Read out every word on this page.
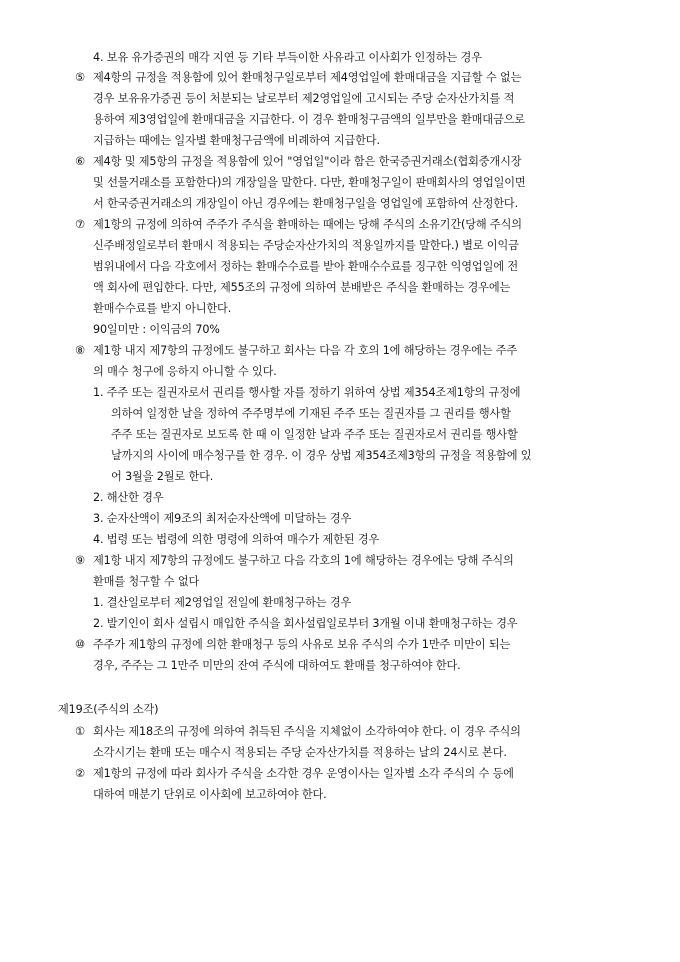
4. 보유 유가증권의 매각 지연 등 기타 부득이한 사유라고 이사회가 인정하는 경우
⑤ 제4항의 규정을 적용함에 있어 환매청구일로부터 제4영업일에 환매대금을 지급할 수 없는
경우 보유유가증권 등이 처분되는 날로부터 제2영업일에 고시되는 주당 순자산가치를 적
용하여 제3영업일에 환매대금을 지급한다. 이 경우 환매청구금액의 일부만을 환매대금으로
지급하는 때에는 일자별 환매청구금액에 비례하여 지급한다.
⑥ 제4항 및 제5항의 규정을 적용함에 있어 "영업일"이라 함은 한국증권거래소(협회중개시장
및 선물거래소를 포함한다)의 개장일을 말한다. 다만, 환매청구일이 판매회사의 영업일이면
서 한국증권거래소의 개장일이 아닌 경우에는 환매청구일을 영업일에 포함하여 산정한다.
⑦ 제1항의 규정에 의하여 주주가 주식을 환매하는 때에는 당해 주식의 소유기간(당해 주식의
신주배정일로부터 환매시 적용되는 주당순자산가치의 적용일까지를 말한다.) 별로 이익금
범위내에서 다음 각호에서 정하는 환매수수료를 받아 환매수수료를 징구한 익영업일에 전
액 회사에 편입한다. 다만, 제55조의 규정에 의하여 분배받은 주식을 환매하는 경우에는
환매수수료를 받지 아니한다.
90일미만 : 이익금의 70%
⑧ 제1항 내지 제7항의 규정에도 불구하고 회사는 다음 각 호의 1에 해당하는 경우에는 주주
의 매수 청구에 응하지 아니할 수 있다.
1. 주주 또는 질권자로서 권리를 행사할 자를 정하기 위하여 상법 제354조제1항의 규정에
의하여 일정한 날을 정하여 주주명부에 기재된 주주 또는 질권자를 그 권리를 행사할
주주 또는 질권자로 보도록 한 때 이 일정한 날과 주주 또는 질권자로서 권리를 행사할
날까지의 사이에 매수청구를 한 경우. 이 경우 상법 제354조제3항의 규정을 적용함에 있
어 3월을 2월로 한다.
2. 해산한 경우
3. 순자산액이 제9조의 최저순자산액에 미달하는 경우
4. 법령 또는 법령에 의한 명령에 의하여 매수가 제한된 경우
⑨ 제1항 내지 제7항의 규정에도 불구하고 다음 각호의 1에 해당하는 경우에는 당해 주식의
환매를 청구할 수 없다
1. 결산일로부터 제2영업일 전일에 환매청구하는 경우
2. 발기인이 회사 설립시 매입한 주식을 회사설립일로부터 3개월 이내 환매청구하는 경우
⑩ 주주가 제1항의 규정에 의한 환매청구 등의 사유로 보유 주식의 수가 1만주 미만이 되는
경우, 주주는 그 1만주 미만의 잔여 주식에 대하여도 환매를 청구하여야 한다.
제19조(주식의 소각)
① 회사는 제18조의 규정에 의하여 취득된 주식을 지체없이 소각하여야 한다. 이 경우 주식의
소각시기는 환매 또는 매수시 적용되는 주당 순자산가치를 적용하는 날의 24시로 본다.
② 제1항의 규정에 따라 회사가 주식을 소각한 경우 운영이사는 일자별 소각 주식의 수 등에
대하여 매분기 단위로 이사회에 보고하여야 한다.
